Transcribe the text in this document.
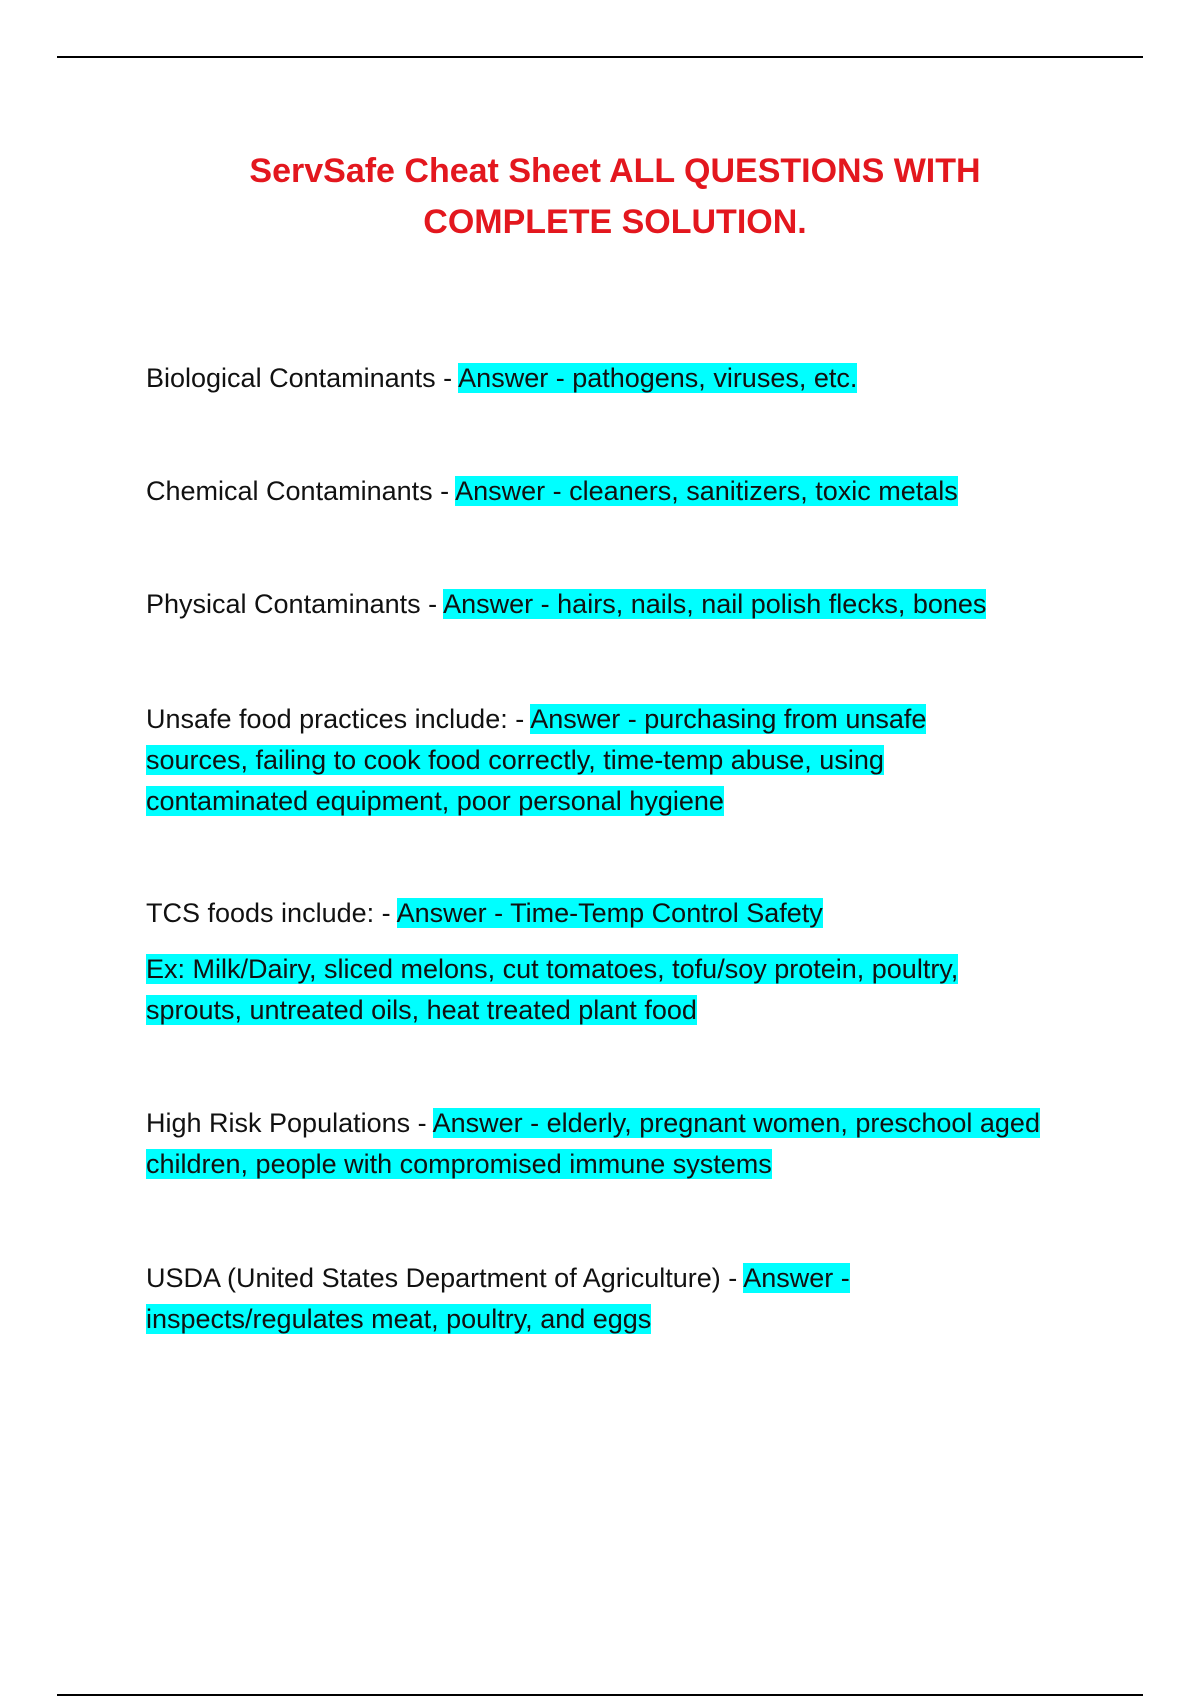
ServSafe Cheat Sheet ALL QUESTIONS WITH
COMPLETE SOLUTION.

Biological Contaminants - Answer - pathogens, viruses, etc.

Chemical Contaminants - Answer - cleaners, sanitizers, toxic metals

Physical Contaminants - Answer - hairs, nails, nail polish flecks, bones

Unsafe food practices include: - Answer - purchasing from unsafe sources, failing to cook food correctly, time-temp abuse, using contaminated equipment, poor personal hygiene

TCS foods include: - Answer - Time-Temp Control Safety

Ex: Milk/Dairy, sliced melons, cut tomatoes, tofu/soy protein, poultry, sprouts, untreated oils, heat treated plant food

High Risk Populations - Answer - elderly, pregnant women, preschool aged children, people with compromised immune systems

USDA (United States Department of Agriculture) - Answer - inspects/regulates meat, poultry, and eggs
